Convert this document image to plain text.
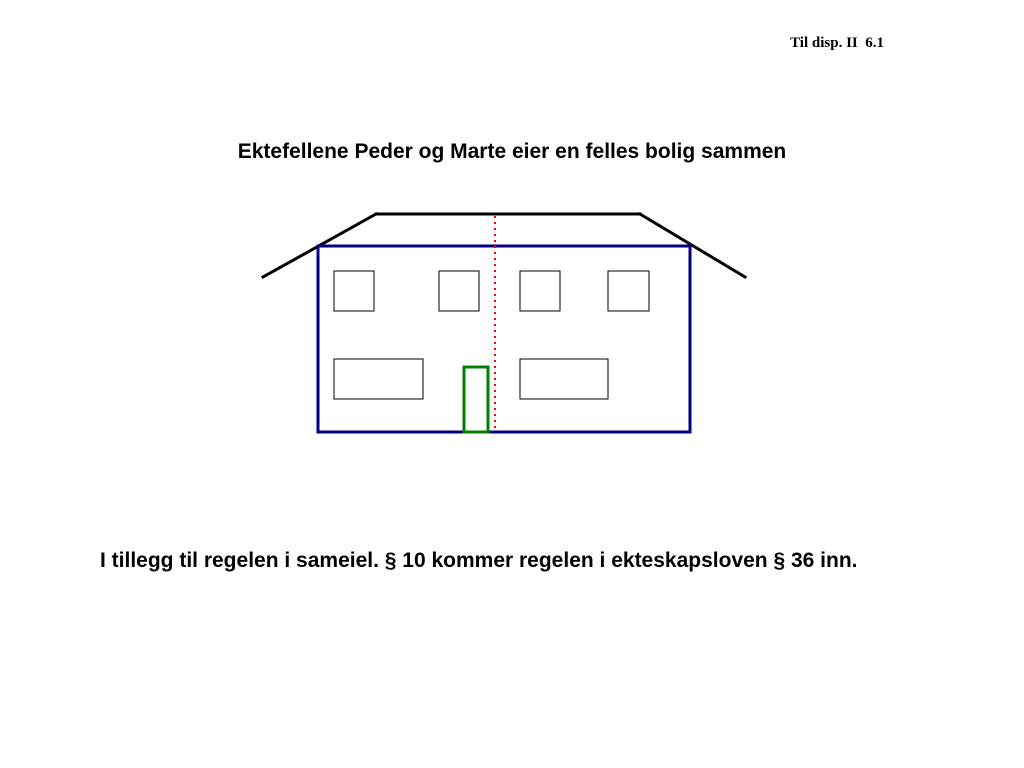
Til disp. II  6.1
Ektefellene Peder og Marte eier en felles bolig sammen
I tillegg til regelen i sameiel. § 10 kommer regelen i ekteskapsloven § 36 inn.
